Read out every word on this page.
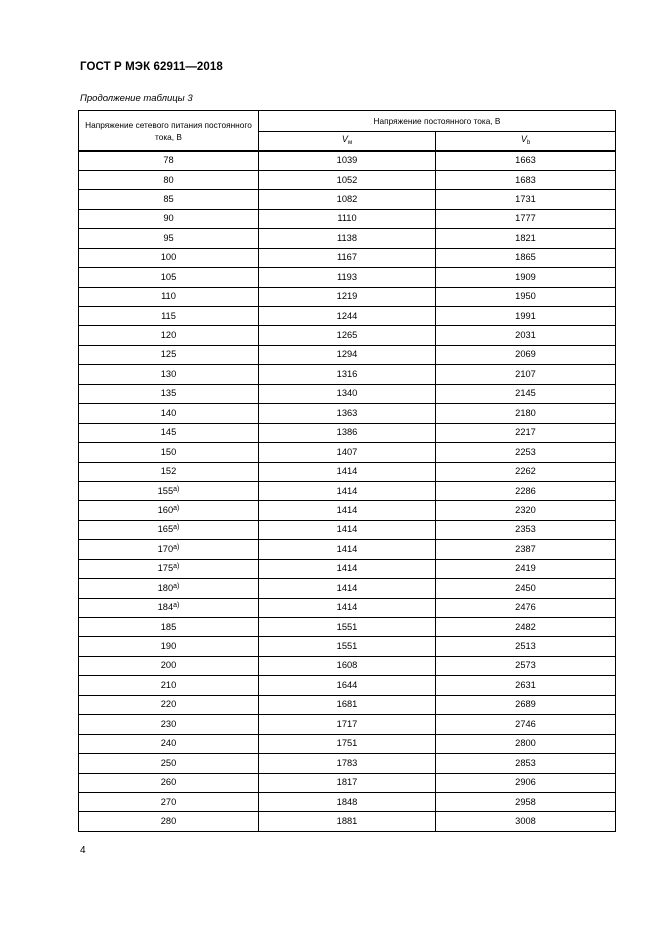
ГОСТ Р МЭК 62911—2018
Продолжение таблицы 3
Напряжение сетевого питания постоянного тока, В	Напряжение постоянного тока, В	
	$V_м$	$V_b$
78	1039	1663
80	1052	1683
85	1082	1731
90	1110	1777
95	1138	1821
100	1167	1865
105	1193	1909
110	1219	1950
115	1244	1991
120	1265	2031
125	1294	2069
130	1316	2107
135	1340	2145
140	1363	2180
145	1386	2217
150	1407	2253
152	1414	2262
155$^{a)}$	1414	2286
160$^{a)}$	1414	2320
165$^{a)}$	1414	2353
170$^{a)}$	1414	2387
175$^{a)}$	1414	2419
180$^{a)}$	1414	2450
184$^{a)}$	1414	2476
185	1551	2482
190	1551	2513
200	1608	2573
210	1644	2631
220	1681	2689
230	1717	2746
240	1751	2800
250	1783	2853
260	1817	2906
270	1848	2958
280	1881	3008
4
